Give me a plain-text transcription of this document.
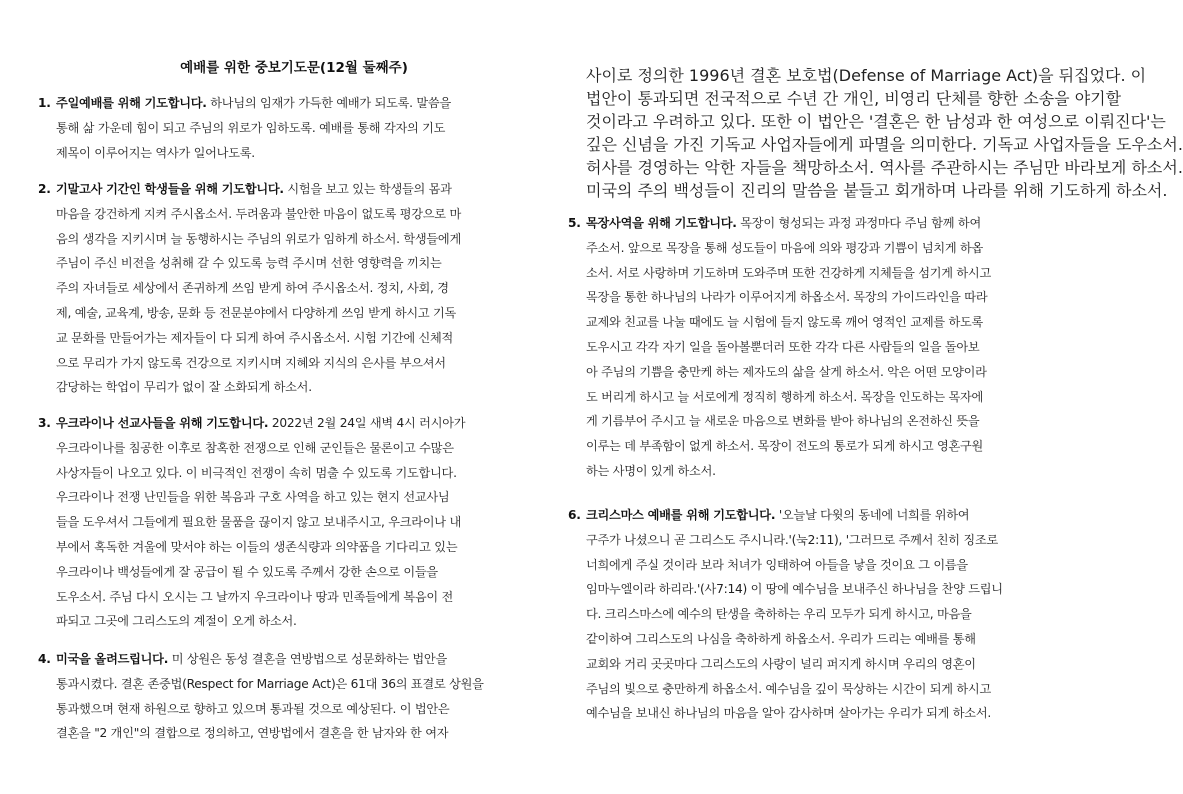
예배를 위한 중보기도문(12월 둘째주)

1. 주일예배를 위해 기도합니다. 하나님의 임재가 가득한 예배가 되도록. 말씀을
통해 삶 가운데 힘이 되고 주님의 위로가 임하도록. 예배를 통해 각자의 기도
제목이 이루어지는 역사가 일어나도록.

2. 기말고사 기간인 학생들을 위해 기도합니다. 시험을 보고 있는 학생들의 몸과
마음을 강건하게 지켜 주시옵소서. 두려움과 불안한 마음이 없도록 평강으로 마
음의 생각을 지키시며 늘 동행하시는 주님의 위로가 임하게 하소서. 학생들에게
주님이 주신 비전을 성취해 갈 수 있도록 능력 주시며 선한 영향력을 끼치는
주의 자녀들로 세상에서 존귀하게 쓰임 받게 하여 주시옵소서. 정치, 사회, 경
제, 예술, 교육계, 방송, 문화 등 전문분야에서 다양하게 쓰임 받게 하시고 기독
교 문화를 만들어가는 제자들이 다 되게 하여 주시옵소서. 시험 기간에 신체적
으로 무리가 가지 않도록 건강으로 지키시며 지혜와 지식의 은사를 부으셔서
감당하는 학업이 무리가 없이 잘 소화되게 하소서.

3. 우크라이나 선교사들을 위해 기도합니다. 2022년 2월 24일 새벽 4시 러시아가
우크라이나를 침공한 이후로 참혹한 전쟁으로 인해 군인들은 물론이고 수많은
사상자들이 나오고 있다. 이 비극적인 전쟁이 속히 멈출 수 있도록 기도합니다.
우크라이나 전쟁 난민들을 위한 복음과 구호 사역을 하고 있는 현지 선교사님
들을 도우셔서 그들에게 필요한 물품을 끊이지 않고 보내주시고, 우크라이나 내
부에서 혹독한 겨울에 맞서야 하는 이들의 생존식량과 의약품을 기다리고 있는
우크라이나 백성들에게 잘 공급이 될 수 있도록 주께서 강한 손으로 이들을
도우소서. 주님 다시 오시는 그 날까지 우크라이나 땅과 민족들에게 복음이 전
파되고 그곳에 그리스도의 계절이 오게 하소서.

4. 미국을 올려드립니다. 미 상원은 동성 결혼을 연방법으로 성문화하는 법안을
통과시켰다. 결혼 존중법(Respect for Marriage Act)은 61대 36의 표결로 상원을
통과했으며 현재 하원으로 향하고 있으며 통과될 것으로 예상된다. 이 법안은
결혼을 "2 개인"의 결합으로 정의하고, 연방법에서 결혼을 한 남자와 한 여자

5. 목장사역을 위해 기도합니다. 목장이 형성되는 과정 과정마다 주님 함께 하여
주소서. 앞으로 목장을 통해 성도들이 마음에 의와 평강과 기쁨이 넘치게 하옵
소서. 서로 사랑하며 기도하며 도와주며 또한 건강하게 지체들을 섬기게 하시고
목장을 통한 하나님의 나라가 이루어지게 하옵소서. 목장의 가이드라인을 따라
교제와 친교를 나눌 때에도 늘 시험에 들지 않도록 깨어 영적인 교제를 하도록
도우시고 각각 자기 일을 돌아볼뿐더러 또한 각각 다른 사람들의 일을 돌아보
아 주님의 기쁨을 충만케 하는 제자도의 삶을 살게 하소서. 악은 어떤 모양이라
도 버리게 하시고 늘 서로에게 정직히 행하게 하소서. 목장을 인도하는 목자에
게 기름부어 주시고 늘 새로운 마음으로 변화를 받아 하나님의 온전하신 뜻을
이루는 데 부족함이 없게 하소서. 목장이 전도의 통로가 되게 하시고 영혼구원
하는 사명이 있게 하소서.

6. 크리스마스 예배를 위해 기도합니다. '오늘날 다윗의 동네에 너희를 위하여
구주가 나셨으니 곧 그리스도 주시니라.'(눅2:11), '그러므로 주께서 친히 징조로
너희에게 주실 것이라 보라 처녀가 잉태하여 아들을 낳을 것이요 그 이름을
임마누엘이라 하리라.'(사7:14) 이 땅에 예수님을 보내주신 하나님을 찬양 드립니
다. 크리스마스에 예수의 탄생을 축하하는 우리 모두가 되게 하시고, 마음을
같이하여 그리스도의 나심을 축하하게 하옵소서. 우리가 드리는 예배를 통해
교회와 거리 곳곳마다 그리스도의 사랑이 널리 퍼지게 하시며 우리의 영혼이
주님의 빛으로 충만하게 하옵소서. 예수님을 깊이 묵상하는 시간이 되게 하시고
예수님을 보내신 하나님의 마음을 알아 감사하며 살아가는 우리가 되게 하소서.

사이로 정의한 1996년 결혼 보호법(Defense of Marriage Act)을 뒤집었다. 이
법안이 통과되면 전국적으로 수년 간 개인, 비영리 단체를 향한 소송을 야기할
것이라고 우려하고 있다. 또한 이 법안은 '결혼은 한 남성과 한 여성으로 이뤄진다'는
깊은 신념을 가진 기독교 사업자들에게 파멸을 의미한다. 기독교 사업자들을 도우소서.
허사를 경영하는 악한 자들을 책망하소서. 역사를 주관하시는 주님만 바라보게 하소서.
미국의 주의 백성들이 진리의 말씀을 붙들고 회개하며 나라를 위해 기도하게 하소서.
